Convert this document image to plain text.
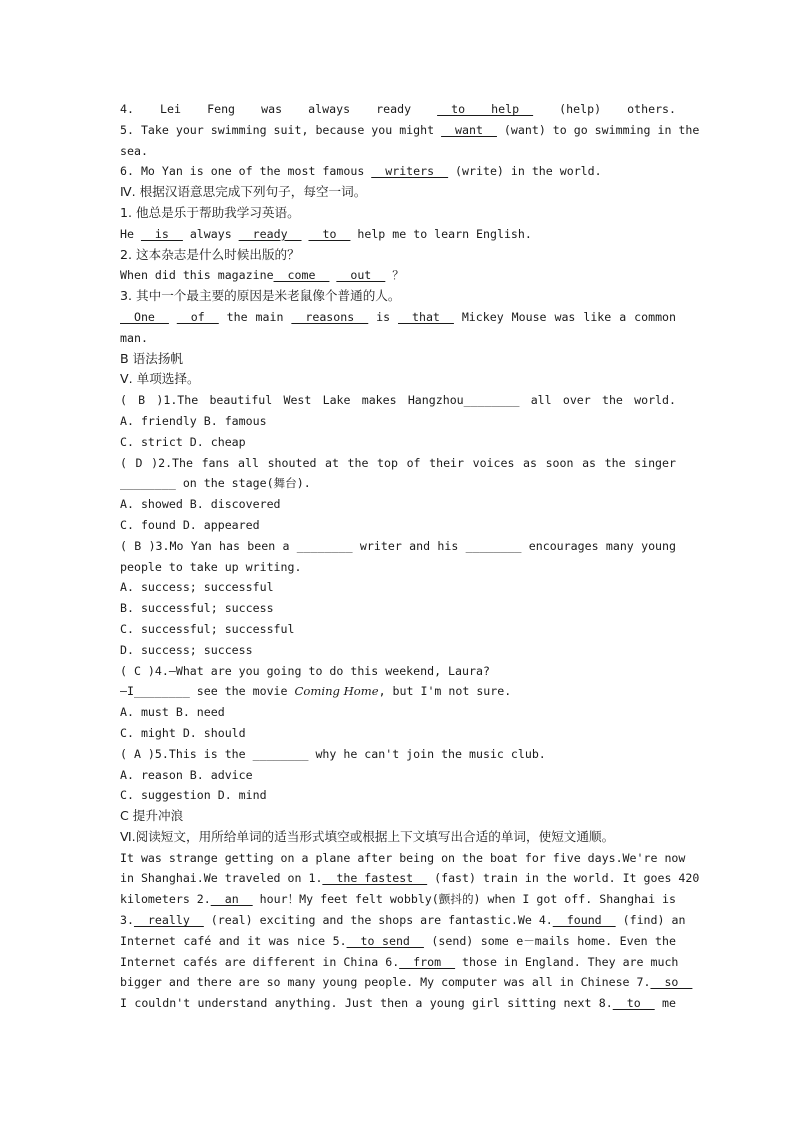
4. Lei Feng was always ready __to help__ (help) others.
5. Take your swimming suit, because you might __want__ (want) to go swimming in the
sea.
6. Mo Yan is one of the most famous __writers__ (write) in the world.
Ⅳ. 根据汉语意思完成下列句子，每空一词。
1. 他总是乐于帮助我学习英语。
He __is__ always __ready__ __to__ help me to learn English.
2. 这本杂志是什么时候出版的？
When did this magazine__come__ __out__ ？
3. 其中一个最主要的原因是米老鼠像个普通的人。
__One__ __of__ the main __reasons__ is __that__ Mickey Mouse was like a common
man.
B 语法扬帆
Ⅴ. 单项选择。
( B )1.The beautiful West Lake makes Hangzhou________ all over the world.
A. friendly B. famous
C. strict D. cheap
( D )2.The fans all shouted at the top of their voices as soon as the singer
________ on the stage(舞台).
A. showed B. discovered
C. found D. appeared
( B )3.Mo Yan has been a ________ writer and his ________ encourages many young
people to take up writing.
A. success; successful
B. successful; success
C. successful; successful
D. success; success
( C )4.—What are you going to do this weekend, Laura?
—I________ see the movie Coming Home, but I'm not sure.
A. must B. need
C. might D. should
( A )5.This is the ________ why he can't join the music club.
A. reason B. advice
C. suggestion D. mind
C 提升冲浪
Ⅵ.阅读短文，用所给单词的适当形式填空或根据上下文填写出合适的单词，使短文通顺。
It was strange getting on a plane after being on the boat for five days.We're now
in Shanghai.We traveled on 1.__the fastest__ (fast) train in the world. It goes 420
kilometers 2.__an__ hour！My feet felt wobbly(颤抖的) when I got off. Shanghai is
3.__really__ (real) exciting and the shops are fantastic.We 4.__found__ (find) an
Internet café and it was nice 5.__to send__ (send) some e－mails home. Even the
Internet cafés are different in China 6.__from__ those in England. They are much
bigger and there are so many young people. My computer was all in Chinese 7.__so__
I couldn't understand anything. Just then a young girl sitting next 8.__to__ me
